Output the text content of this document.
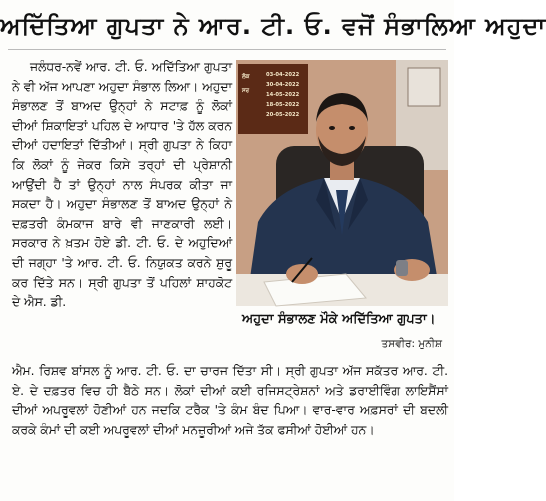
ਅਦਿੱਤਿਆ ਗੁਪਤਾ ਨੇ ਆਰ. ਟੀ. ਓ. ਵਜੋਂ ਸੰਭਾਲਿਆ ਅਹੁਦਾ

ਜਲੰਧਰ-ਨਵੇਂ ਆਰ. ਟੀ. ਓ. ਅਦਿੱਤਿਆ ਗੁਪਤਾ ਨੇ ਵੀ ਅੱਜ ਆਪਣਾ ਅਹੁਦਾ ਸੰਭਾਲ ਲਿਆ। ਅਹੁਦਾ ਸੰਭਾਲਣ ਤੋਂ ਬਾਅਦ ਉਨ੍ਹਾਂ ਨੇ ਸਟਾਫ਼ ਨੂੰ ਲੋਕਾਂ ਦੀਆਂ ਸ਼ਿਕਾਇਤਾਂ ਪਹਿਲ ਦੇ ਆਧਾਰ 'ਤੇ ਹੱਲ ਕਰਨ ਦੀਆਂ ਹਦਾਇਤਾਂ ਦਿੱਤੀਆਂ। ਸ੍ਰੀ ਗੁਪਤਾ ਨੇ ਕਿਹਾ ਕਿ ਲੋਕਾਂ ਨੂੰ ਜੇਕਰ ਕਿਸੇ ਤਰ੍ਹਾਂ ਦੀ ਪ੍ਰੇਸ਼ਾਨੀ ਆਉਂਦੀ ਹੈ ਤਾਂ ਉਨ੍ਹਾਂ ਨਾਲ ਸੰਪਰਕ ਕੀਤਾ ਜਾ ਸਕਦਾ ਹੈ। ਅਹੁਦਾ ਸੰਭਾਲਣ ਤੋਂ ਬਾਅਦ ਉਨ੍ਹਾਂ ਨੇ ਦਫ਼ਤਰੀ ਕੰਮਕਾਜ ਬਾਰੇ ਵੀ ਜਾਣਕਾਰੀ ਲਈ। ਸਰਕਾਰ ਨੇ ਖ਼ਤਮ ਹੋਏ ਡੀ. ਟੀ. ਓ. ਦੇ ਅਹੁਦਿਆਂ ਦੀ ਜਗ੍ਹਾ 'ਤੇ ਆਰ. ਟੀ. ਓ. ਨਿਯੁਕਤ ਕਰਨੇ ਸ਼ੁਰੂ ਕਰ ਦਿੱਤੇ ਸਨ। ਸ੍ਰੀ ਗੁਪਤਾ ਤੋਂ ਪਹਿਲਾਂ ਸ਼ਾਹਕੋਟ ਦੇ ਐਸ. ਡੀ.

ਲੋਕ
ਸਰ
03-04-2022
30-04-2022
14-05-2022
18-05-2022
20-05-2022
ਅਹੁਦਾ ਸੰਭਾਲਣ ਮੌਕੇ ਅਦਿੱਤਿਆ ਗੁਪਤਾ।
ਤਸਵੀਰ: ਮੁਨੀਸ਼

ਐਮ. ਰਿਸ਼ਵ ਬਾਂਸਲ ਨੂੰ ਆਰ. ਟੀ. ਓ. ਦਾ ਚਾਰਜ ਦਿੱਤਾ ਸੀ। ਸ੍ਰੀ ਗੁਪਤਾ ਅੱਜ ਸਕੱਤਰ ਆਰ. ਟੀ. ਏ. ਦੇ ਦਫ਼ਤਰ ਵਿਚ ਹੀ ਬੈਠੇ ਸਨ। ਲੋਕਾਂ ਦੀਆਂ ਕਈ ਰਜਿਸਟ੍ਰੇਸ਼ਨਾਂ ਅਤੇ ਡਰਾਈਵਿੰਗ ਲਾਇਸੈਂਸਾਂ ਦੀਆਂ ਅਪਰੂਵਲਾਂ ਹੋਣੀਆਂ ਹਨ ਜਦਕਿ ਟਰੈਕ 'ਤੇ ਕੰਮ ਬੰਦ ਪਿਆ। ਵਾਰ-ਵਾਰ ਅਫ਼ਸਰਾਂ ਦੀ ਬਦਲੀ ਕਰਕੇ ਕੰਮਾਂ ਦੀ ਕਈ ਅਪਰੂਵਲਾਂ ਦੀਆਂ ਮਨਜ਼ੂਰੀਆਂ ਅਜੇ ਤੱਕ ਫਸੀਆਂ ਹੋਈਆਂ ਹਨ।
